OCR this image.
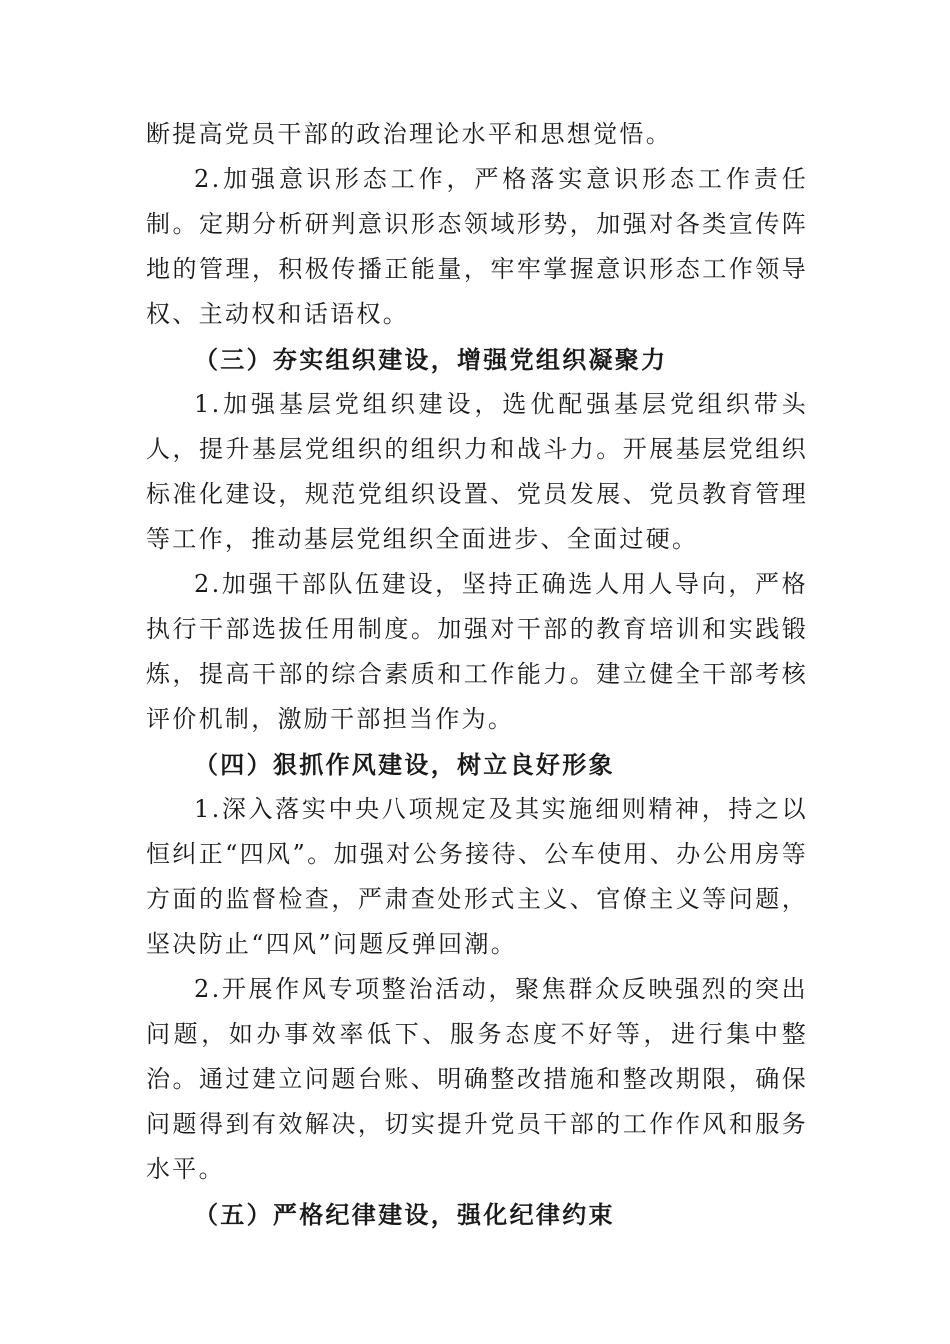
断提高党员干部的政治理论水平和思想觉悟。

2.加强意识形态工作，严格落实意识形态工作责任制。定期分析研判意识形态领域形势，加强对各类宣传阵地的管理，积极传播正能量，牢牢掌握意识形态工作领导权、主动权和话语权。

（三）夯实组织建设，增强党组织凝聚力

1.加强基层党组织建设，选优配强基层党组织带头人，提升基层党组织的组织力和战斗力。开展基层党组织标准化建设，规范党组织设置、党员发展、党员教育管理等工作，推动基层党组织全面进步、全面过硬。

2.加强干部队伍建设，坚持正确选人用人导向，严格执行干部选拔任用制度。加强对干部的教育培训和实践锻炼，提高干部的综合素质和工作能力。建立健全干部考核评价机制，激励干部担当作为。

（四）狠抓作风建设，树立良好形象

1.深入落实中央八项规定及其实施细则精神，持之以恒纠正“四风”。加强对公务接待、公车使用、办公用房等方面的监督检查，严肃查处形式主义、官僚主义等问题，坚决防止“四风”问题反弹回潮。

2.开展作风专项整治活动，聚焦群众反映强烈的突出问题，如办事效率低下、服务态度不好等，进行集中整治。通过建立问题台账、明确整改措施和整改期限，确保问题得到有效解决，切实提升党员干部的工作作风和服务水平。

（五）严格纪律建设，强化纪律约束
